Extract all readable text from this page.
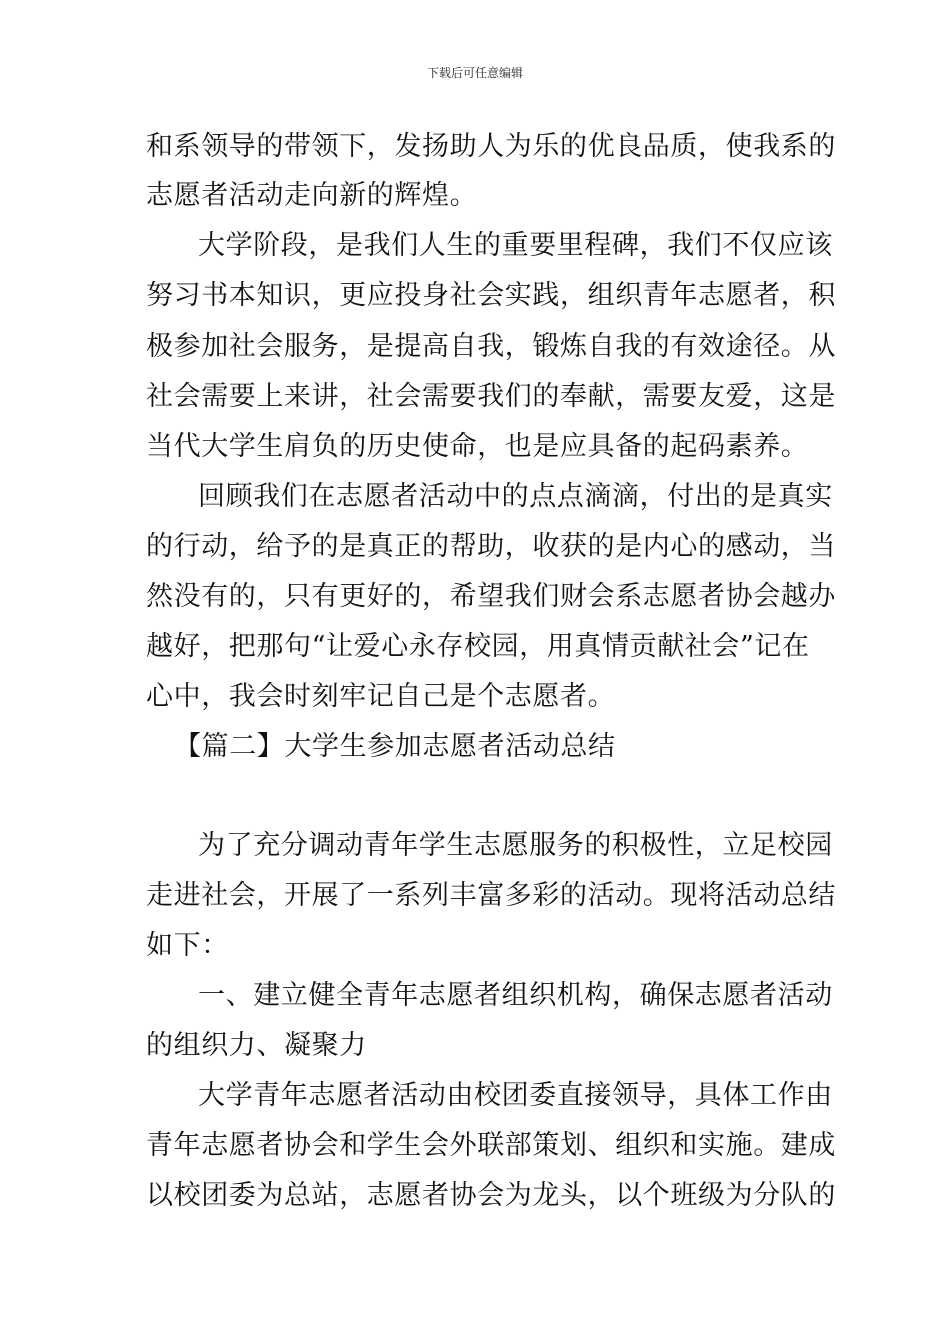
下载后可任意编辑
和系领导的带领下，发扬助人为乐的优良品质，使我系的
志愿者活动走向新的辉煌。
大学阶段，是我们人生的重要里程碑，我们不仅应该
努习书本知识，更应投身社会实践，组织青年志愿者，积
极参加社会服务，是提高自我，锻炼自我的有效途径。从
社会需要上来讲，社会需要我们的奉献，需要友爱，这是
当代大学生肩负的历史使命，也是应具备的起码素养。
回顾我们在志愿者活动中的点点滴滴，付出的是真实
的行动，给予的是真正的帮助，收获的是内心的感动，当
然没有的，只有更好的，希望我们财会系志愿者协会越办
越好，把那句“让爱心永存校园，用真情贡献社会”记在
心中，我会时刻牢记自己是个志愿者。
【篇二】大学生参加志愿者活动总结
为了充分调动青年学生志愿服务的积极性，立足校园
走进社会，开展了一系列丰富多彩的活动。现将活动总结
如下：
一、建立健全青年志愿者组织机构，确保志愿者活动
的组织力、凝聚力
大学青年志愿者活动由校团委直接领导，具体工作由
青年志愿者协会和学生会外联部策划、组织和实施。建成
以校团委为总站，志愿者协会为龙头，以个班级为分队的
